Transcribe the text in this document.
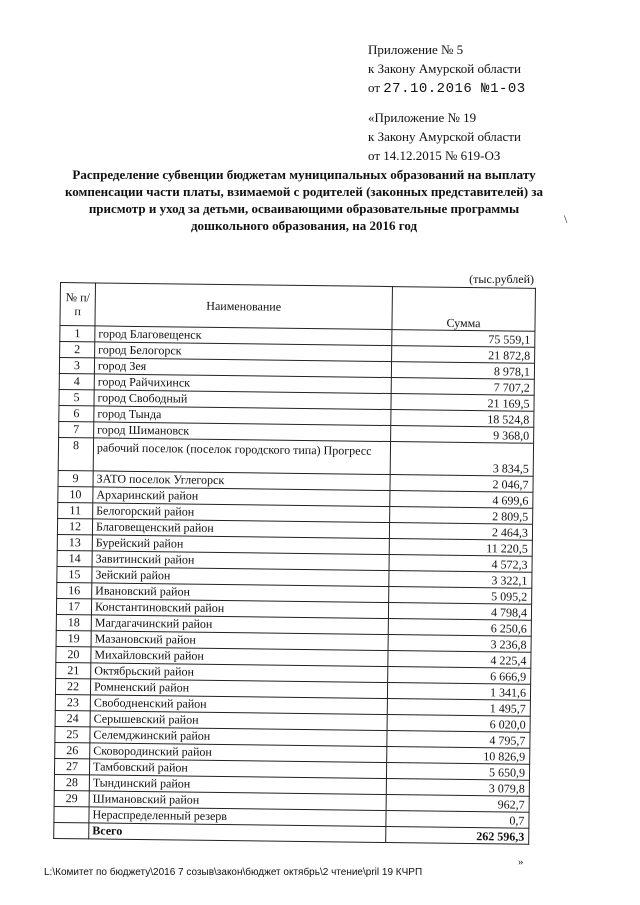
Приложение № 5
к Закону Амурской области
от 27.10.2016 №1-03
«Приложение № 19
к Закону Амурской области
от 14.12.2015 № 619-ОЗ
Распределение субвенции бюджетам муниципальных образований на выплату компенсации части платы, взимаемой с родителей (законных представителей) за присмотр и уход за детьми, осваивающими образовательные программы дошкольного образования, на 2016 год	\
(тыс.рублей)
№ п/п	Наименование	Сумма
1	город Благовещенск	75 559,1
2	город Белогорск	21 872,8
3	город Зея	8 978,1
4	город Райчихинск	7 707,2
5	город Свободный	21 169,5
6	город Тында	18 524,8
7	город Шимановск	9 368,0
8	рабочий поселок (поселок городского типа) Прогресс	3 834,5
9	ЗАТО поселок Углегорск	2 046,7
10	Архаринский район	4 699,6
11	Белогорский район	2 809,5
12	Благовещенский район	2 464,3
13	Бурейский район	11 220,5
14	Завитинский район	4 572,3
15	Зейский район	3 322,1
16	Ивановский район	5 095,2
17	Константиновский район	4 798,4
18	Магдагачинский район	6 250,6
19	Мазановский район	3 236,8
20	Михайловский район	4 225,4
21	Октябрьский район	6 666,9
22	Ромненский район	1 341,6
23	Свободненский район	1 495,7
24	Серышевский район	6 020,0
25	Селемджинский район	4 795,7
26	Сковородинский район	10 826,9
27	Тамбовский район	5 650,9
28	Тындинский район	3 079,8
29	Шимановский район	962,7
	Нераспределенный резерв	0,7
	Всего	262 596,3
»
L:\Комитет по бюджету\2016 7 созыв\закон\бюджет октябрь\2 чтение\pril 19 КЧРП
